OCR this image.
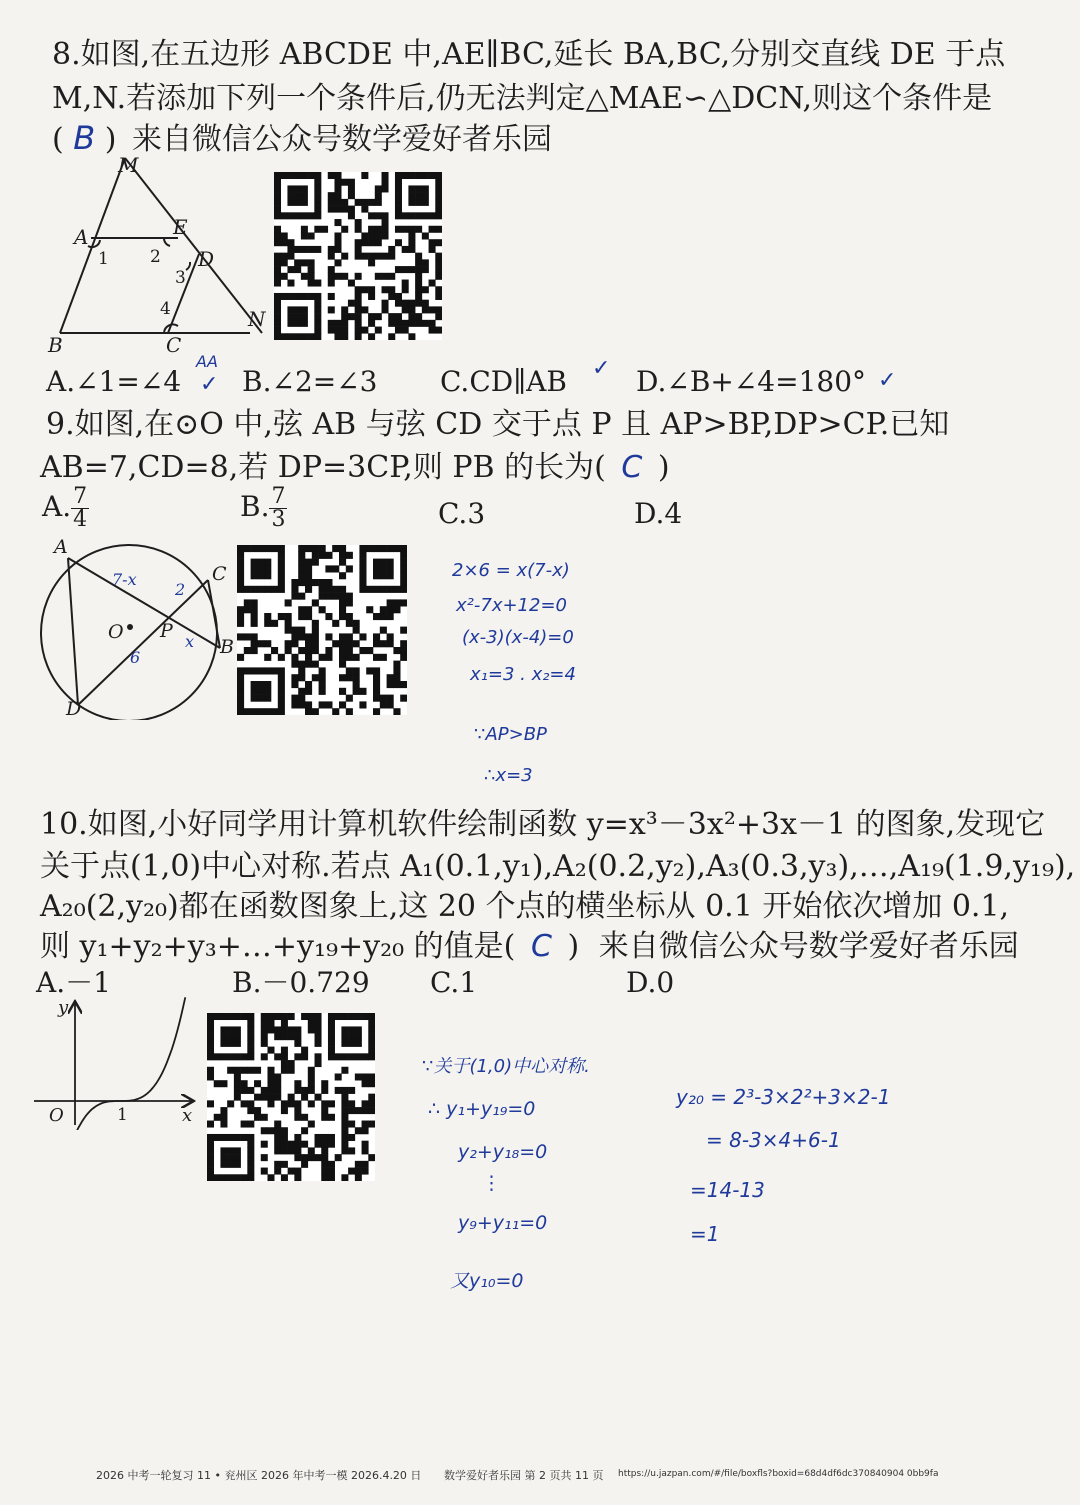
8.如图,在五边形 ABCDE 中,AE∥BC,延长 BA,BC,分别交直线 DE 于点
M,N.若添加下列一个条件后,仍无法判定△MAE∽△DCN,则这个条件是
( B ) 来自微信公众号数学爱好者乐园
M
A	E
D
N
B	C
1 2
3
4
A.∠1=∠4
AA
✓ B.∠2=∠3 C.CD∥AB ✓ D.∠B+∠4=180° ✓
9.如图,在⊙O 中,弦 AB 与弦 CD 交于点 P 且 AP>BP,DP>CP.已知
AB=7,CD=8,若 DP=3CP,则 PB 的长为( C )
A. $\frac{7}{4}$	B. $\frac{7}{3}$	C.3	D.4
A
C
O P
B
D
7-x
2
6
x
2×6 = x(7-x)
x²-7x+12=0
(x-3)(x-4)=0
x₁=3 . x₂=4
∵AP>BP
∴x=3
10.如图,小好同学用计算机软件绘制函数 y=x³－3x²+3x－1 的图象,发现它
关于点(1,0)中心对称.若点 A₁(0.1,y₁),A₂(0.2,y₂),A₃(0.3,y₃),…,A₁₉(1.9,y₁₉),
A₂₀(2,y₂₀)都在函数图象上,这 20 个点的横坐标从 0.1 开始依次增加 0.1,
则 y₁+y₂+y₃+…+y₁₉+y₂₀ 的值是( C ) 来自微信公众号数学爱好者乐园
A.－1	B.－0.729 C.1	D.0
y
O	x
1
∵关于(1,0)中心对称.
∴ y₁+y₁₉=0
y₂+y₁₈=0
⋮
y₉+y₁₁=0
又y₁₀=0
y₂₀ = 2³-3×2²+3×2-1
= 8-3×4+6-1
=14-13
=1
2026 中考一轮复习 11 • 兖州区 2026 年中考一模 2026.4.20 日 数学爱好者乐园 第 2 页共 11 页 https://u.jazpan.com/#/file/boxfls?boxid=68d4df6dc370840904 0bb9fa
